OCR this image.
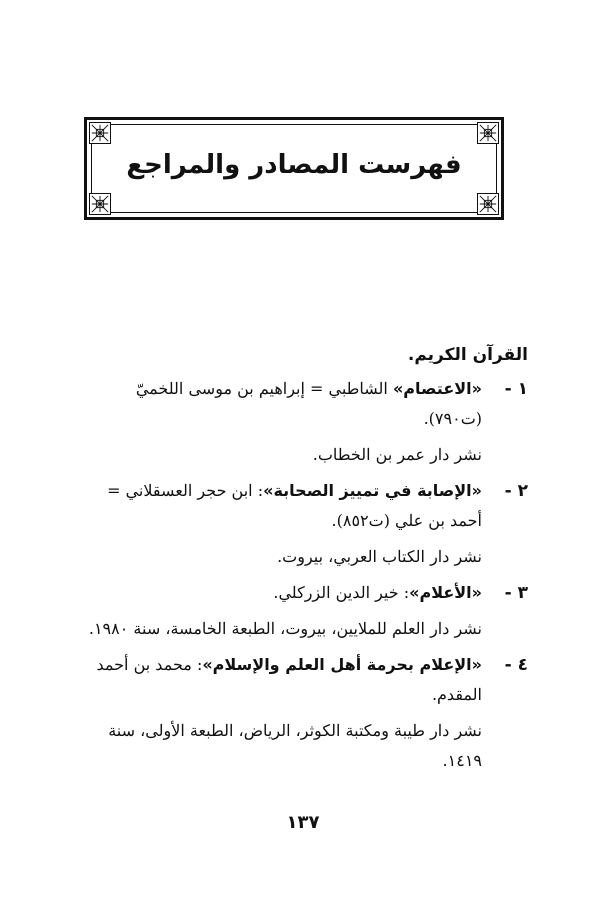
فهرست المصادر والمراجع
القرآن الكريم.
١ -
«الاعتصام» الشاطبي = إبراهيم بن موسى اللخميّ (ت٧٩٠).
نشر دار عمر بن الخطاب.
٢ -
«الإصابة في تمييز الصحابة»: ابن حجر العسقلاني = أحمد بن علي (ت٨٥٢).
نشر دار الكتاب العربي، بيروت.
٣ -
«الأعلام»: خير الدين الزركلي.
نشر دار العلم للملايين، بيروت، الطبعة الخامسة، سنة ١٩٨٠.
٤ -
«الإعلام بحرمة أهل العلم والإسلام»: محمد بن أحمد المقدم.
نشر دار طيبة ومكتبة الكوثر، الرياض، الطبعة الأولى، سنة ١٤١٩.
١٣٧
